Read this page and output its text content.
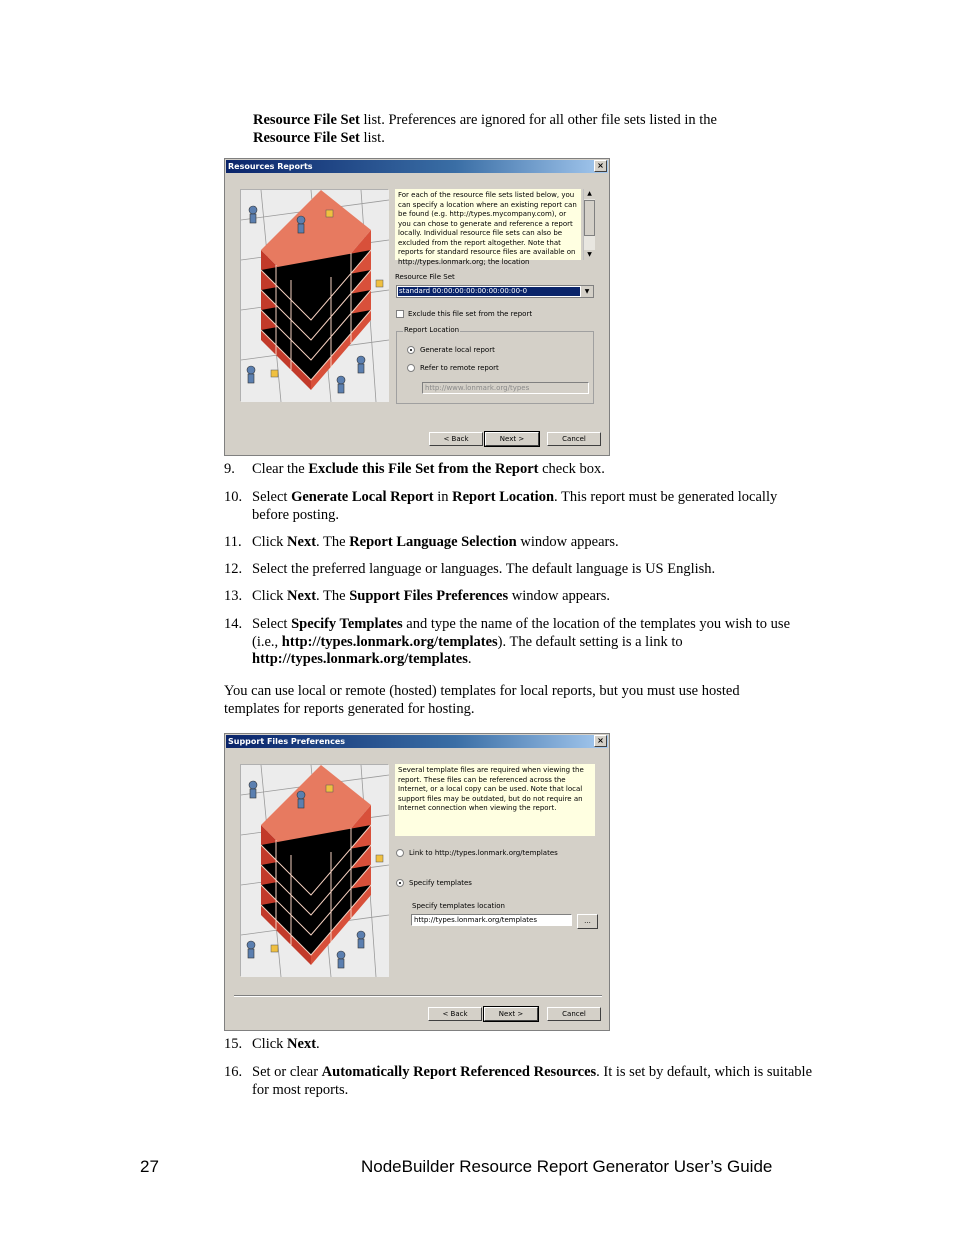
Resource File Set list. Preferences are ignored for all other file sets listed in the
Resource File Set list.
Resources Reports	×
For each of the resource file sets listed below, you can specify a location where an existing report can be found (e.g. http://types.mycompany.com), or you can chose to generate and reference a report locally. Individual resource file sets can also be excluded from the report altogether. Note that reports for standard resource files are available on http://types.lonmark.org; the location
▲
▼
Resource File Set
standard 00:00:00:00:00:00:00:00-0	▼
Exclude this file set from the report
Report Location
Generate local report
Refer to remote report
http://www.lonmark.org/types
< Back	Next >	Cancel
9. Clear the Exclude this File Set from the Report check box.
10. Select Generate Local Report in Report Location. This report must be generated locally before posting.
11. Click Next. The Report Language Selection window appears.
12. Select the preferred language or languages. The default language is US English.
13. Click Next. The Support Files Preferences window appears.
14. Select Specify Templates and type the name of the location of the templates you wish to use (i.e., http://types.lonmark.org/templates). The default setting is a link to http://types.lonmark.org/templates.
You can use local or remote (hosted) templates for local reports, but you must use hosted templates for reports generated for hosting.
Support Files Preferences	×
Several template files are required when viewing the report. These files can be referenced across the Internet, or a local copy can be used. Note that local support files may be outdated, but do not require an Internet connection when viewing the report.
Link to http://types.lonmark.org/templates
Specify templates
Specify templates location
http://types.lonmark.org/templates	...
< Back	Next >	Cancel
15. Click Next.
16. Set or clear Automatically Report Referenced Resources. It is set by default, which is suitable for most reports.
27	NodeBuilder Resource Report Generator User’s Guide
